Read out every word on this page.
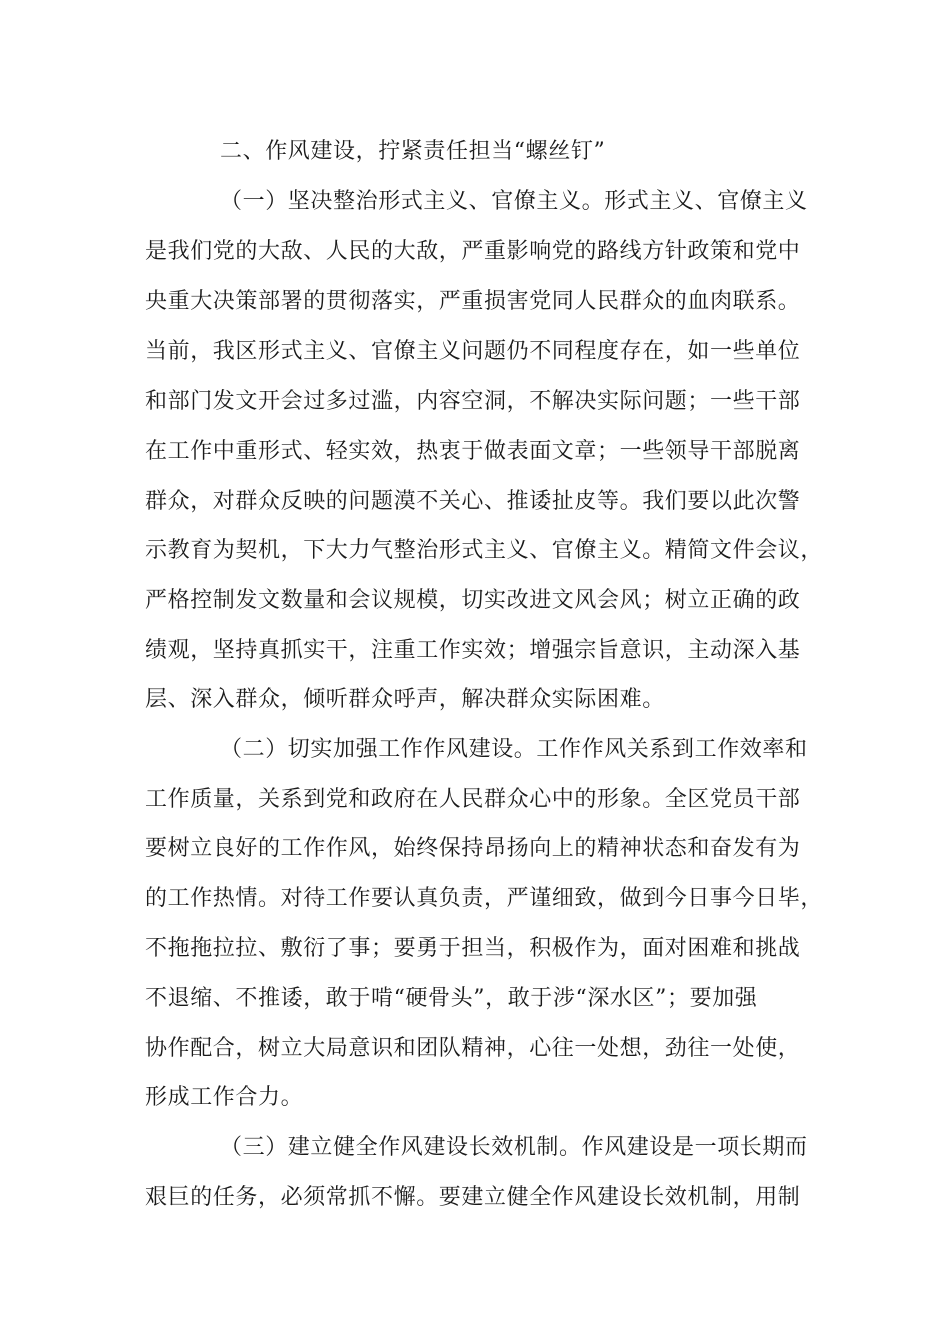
二、作风建设，拧紧责任担当“螺丝钉”
（一）坚决整治形式主义、官僚主义。形式主义、官僚主义
是我们党的大敌、人民的大敌，严重影响党的路线方针政策和党中
央重大决策部署的贯彻落实，严重损害党同人民群众的血肉联系。
当前，我区形式主义、官僚主义问题仍不同程度存在，如一些单位
和部门发文开会过多过滥，内容空洞，不解决实际问题；一些干部
在工作中重形式、轻实效，热衷于做表面文章；一些领导干部脱离
群众，对群众反映的问题漠不关心、推诿扯皮等。我们要以此次警
示教育为契机，下大力气整治形式主义、官僚主义。精简文件会议，
严格控制发文数量和会议规模，切实改进文风会风；树立正确的政
绩观，坚持真抓实干，注重工作实效；增强宗旨意识，主动深入基
层、深入群众，倾听群众呼声，解决群众实际困难。
（二）切实加强工作作风建设。工作作风关系到工作效率和
工作质量，关系到党和政府在人民群众心中的形象。全区党员干部
要树立良好的工作作风，始终保持昂扬向上的精神状态和奋发有为
的工作热情。对待工作要认真负责，严谨细致，做到今日事今日毕，
不拖拖拉拉、敷衍了事；要勇于担当，积极作为，面对困难和挑战
不退缩、不推诿，敢于啃“硬骨头”，敢于涉“深水区”；要加强
协作配合，树立大局意识和团队精神，心往一处想，劲往一处使，
形成工作合力。
（三）建立健全作风建设长效机制。作风建设是一项长期而
艰巨的任务，必须常抓不懈。要建立健全作风建设长效机制，用制
